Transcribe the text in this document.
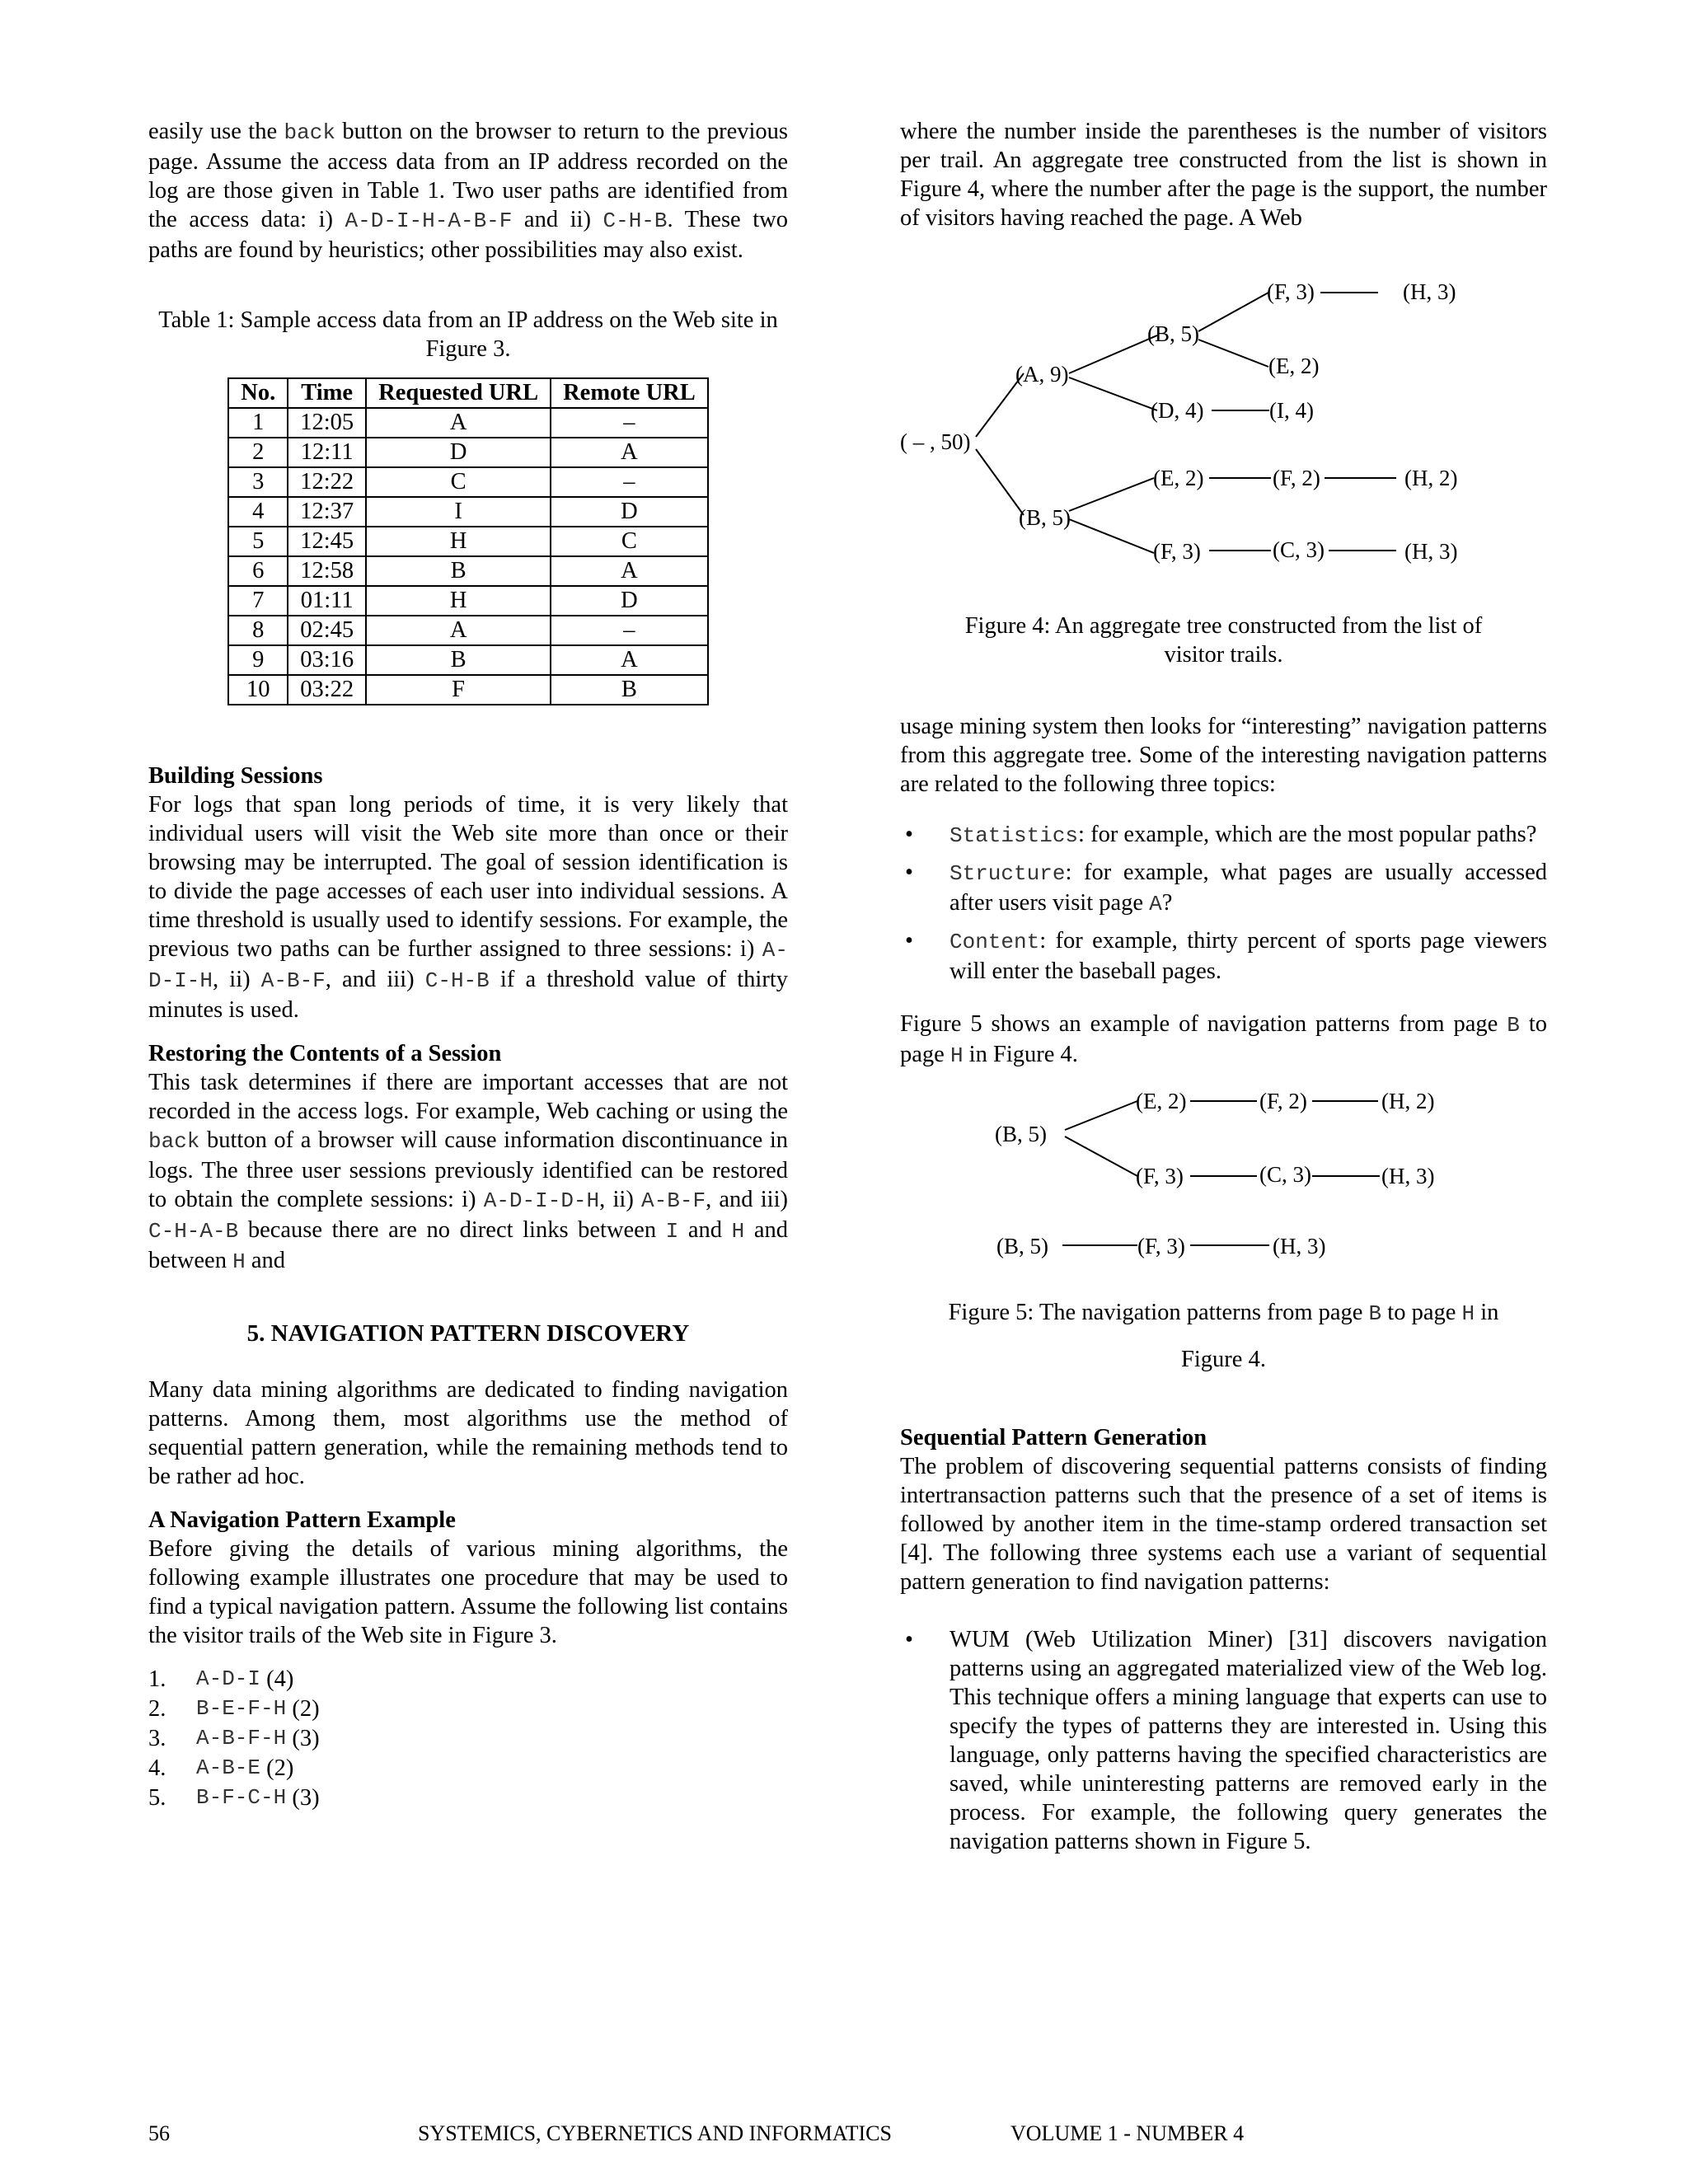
easily use the back button on the browser to return to the previous page. Assume the access data from an IP address recorded on the log are those given in Table 1. Two user paths are identified from the access data: i) A-D-I-H-A-B-F and ii) C-H-B. These two paths are found by heuristics; other possibilities may also exist.

Table 1: Sample access data from an IP address on the Web site in Figure 3.
No.	Time	Requested URL	Remote URL
1	12:05	A	–
2	12:11	D	A
3	12:22	C	–
4	12:37	I	D
5	12:45	H	C
6	12:58	B	A
7	01:11	H	D
8	02:45	A	–
9	03:16	B	A
10	03:22	F	B
Building Sessions

For logs that span long periods of time, it is very likely that individual users will visit the Web site more than once or their browsing may be interrupted. The goal of session identification is to divide the page accesses of each user into individual sessions. A time threshold is usually used to identify sessions. For example, the previous two paths can be further assigned to three sessions: i) A-D-I-H, ii) A-B-F, and iii) C-H-B if a threshold value of thirty minutes is used.

Restoring the Contents of a Session

This task determines if there are important accesses that are not recorded in the access logs. For example, Web caching or using the back button of a browser will cause information discontinuance in logs. The three user sessions previously identified can be restored to obtain the complete sessions: i) A-D-I-D-H, ii) A-B-F, and iii) C-H-A-B because there are no direct links between I and H and between H and

5. NAVIGATION PATTERN DISCOVERY

Many data mining algorithms are dedicated to finding navigation patterns. Among them, most algorithms use the method of sequential pattern generation, while the remaining methods tend to be rather ad hoc.

A Navigation Pattern Example

Before giving the details of various mining algorithms, the following example illustrates one procedure that may be used to find a typical navigation pattern. Assume the following list contains the visitor trails of the Web site in Figure 3.

1.	A-D-I
(4)
2.	B-E-F-H
(2)
3.	A-B-F-H
(3)
4.	A-B-E
(2)
5.	B-F-C-H
(3)

where the number inside the parentheses is the number of visitors per trail. An aggregate tree constructed from the list is shown in Figure 4, where the number after the page is the support, the number of visitors having reached the page. A Web

( – , 50)
(A, 9)
(B, 5)
(F, 3)	(H, 3)
(E, 2)
(D, 4)	(I, 4)
(B, 5)
(E, 2)	(F, 2)	(H, 2)
(F, 3)	(C, 3)	(H, 3)
Figure 4: An aggregate tree constructed from the list of visitor trails.

usage mining system then looks for “interesting” navigation patterns from this aggregate tree. Some of the interesting navigation patterns are related to the following three topics:

• Statistics: for example, which are the most popular paths?
• Structure: for example, what pages are usually accessed after users visit page A?
• Content: for example, thirty percent of sports page viewers will enter the baseball pages.

Figure 5 shows an example of navigation patterns from page B to page H in Figure 4.

(E, 2)	(F, 2)	(H, 2)
(B, 5)
(F, 3)	(C, 3)	(H, 3)
(B, 5)	(F, 3)	(H, 3)
Figure 5: The navigation patterns from page B to page H in
Figure 4.
Sequential Pattern Generation

The problem of discovering sequential patterns consists of finding intertransaction patterns such that the presence of a set of items is followed by another item in the time-stamp ordered transaction set [4]. The following three systems each use a variant of sequential pattern generation to find navigation patterns:

• WUM (Web Utilization Miner) [31] discovers navigation patterns using an aggregated materialized view of the Web log. This technique offers a mining language that experts can use to specify the types of patterns they are interested in. Using this language, only patterns having the specified characteristics are saved, while uninteresting patterns are removed early in the process. For example, the following query generates the navigation patterns shown in Figure 5.
56	SYSTEMICS, CYBERNETICS AND INFORMATICS	VOLUME 1 - NUMBER 4
